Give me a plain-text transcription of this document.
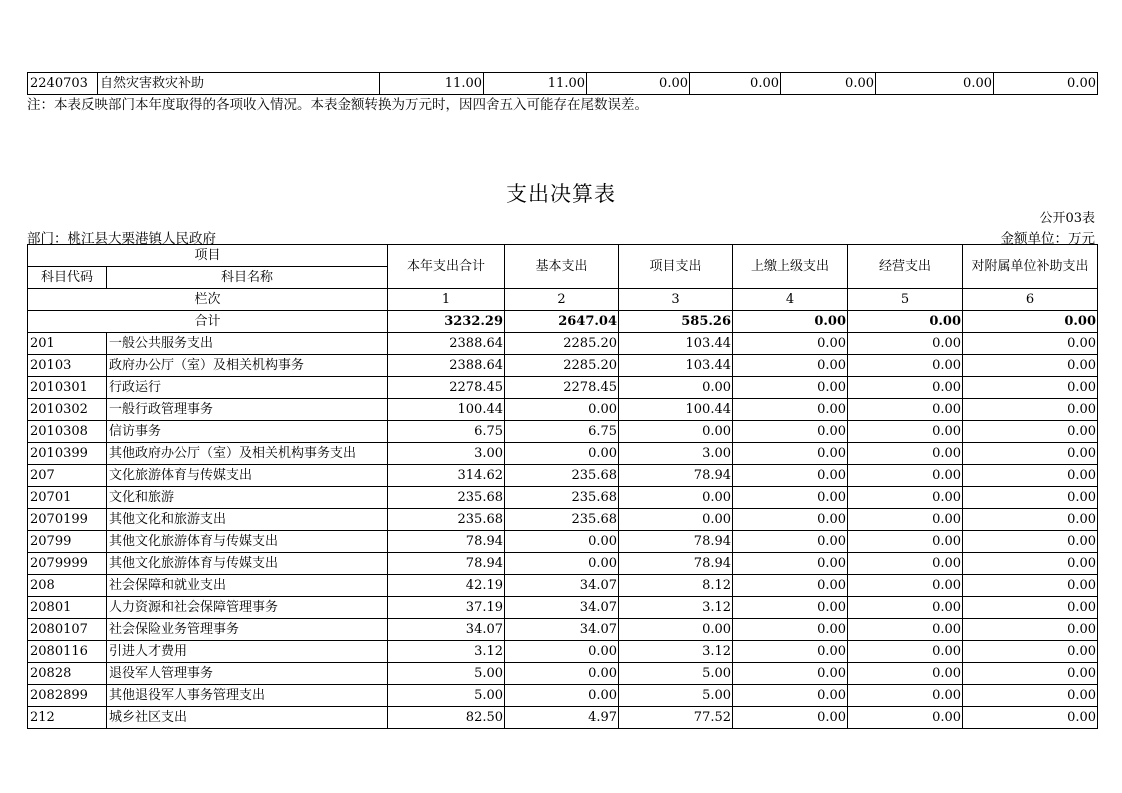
2240703	自然灾害救灾补助	11.00	11.00	0.00	0.00	0.00	0.00	0.00
注：本表反映部门本年度取得的各项收入情况。本表金额转换为万元时，因四舍五入可能存在尾数误差。
支出决算表
公开03表
部门：桃江县大栗港镇人民政府	金额单位：万元
项目		本年支出合计	基本支出	项目支出	上缴上级支出	经营支出	对附属单位补助支出
科目代码	科目名称						
栏次		1	2	3	4	5	6
合计		3232.29	2647.04	585.26	0.00	0.00	0.00
201	一般公共服务支出	2388.64	2285.20	103.44	0.00	0.00	0.00
20103	政府办公厅（室）及相关机构事务	2388.64	2285.20	103.44	0.00	0.00	0.00
2010301	行政运行	2278.45	2278.45	0.00	0.00	0.00	0.00
2010302	一般行政管理事务	100.44	0.00	100.44	0.00	0.00	0.00
2010308	信访事务	6.75	6.75	0.00	0.00	0.00	0.00
2010399	其他政府办公厅（室）及相关机构事务支出	3.00	0.00	3.00	0.00	0.00	0.00
207	文化旅游体育与传媒支出	314.62	235.68	78.94	0.00	0.00	0.00
20701	文化和旅游	235.68	235.68	0.00	0.00	0.00	0.00
2070199	其他文化和旅游支出	235.68	235.68	0.00	0.00	0.00	0.00
20799	其他文化旅游体育与传媒支出	78.94	0.00	78.94	0.00	0.00	0.00
2079999	其他文化旅游体育与传媒支出	78.94	0.00	78.94	0.00	0.00	0.00
208	社会保障和就业支出	42.19	34.07	8.12	0.00	0.00	0.00
20801	人力资源和社会保障管理事务	37.19	34.07	3.12	0.00	0.00	0.00
2080107	社会保险业务管理事务	34.07	34.07	0.00	0.00	0.00	0.00
2080116	引进人才费用	3.12	0.00	3.12	0.00	0.00	0.00
20828	退役军人管理事务	5.00	0.00	5.00	0.00	0.00	0.00
2082899	其他退役军人事务管理支出	5.00	0.00	5.00	0.00	0.00	0.00
212	城乡社区支出	82.50	4.97	77.52	0.00	0.00	0.00
